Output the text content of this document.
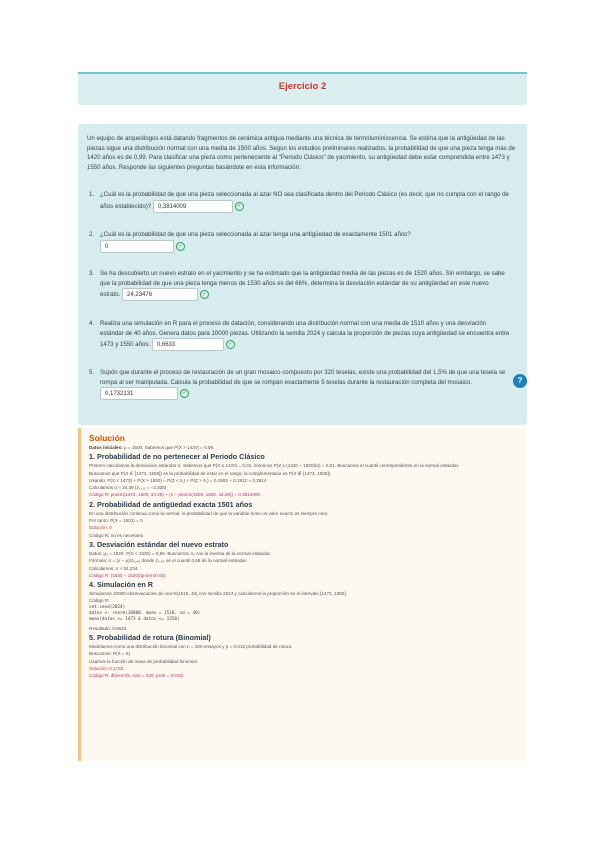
Ejercicio 2
Un equipo de arqueólogos está datando fragmentos de cerámica antigua mediante una técnica de termoluminiscencia. Se estima que la antigüedad de las piezas sigue una distribución normal con una media de 1500 años. Según los estudios preliminares realizados, la probabilidad de que una pieza tenga más de 1420 años es de 0,99. Para clasificar una pieza como perteneciente al "Periodo Clásico" de yacimiento, su antigüedad debe estar comprendida entre 1473 y 1550 años. Responde las siguientes preguntas basándote en esta información:
1. ¿Cuál es la probabilidad de que una pieza seleccionada al azar NO sea clasificada dentro del Periodo Clásico (es decir, que no cumpla con el rango de años establecido)? 0,3814009	✓
2. ¿Cuál es la probabilidad de que una pieza seleccionada al azar tenga una antigüedad de exactamente 1501 años?
0	✓
3. Se ha descubierto un nuevo estrato en el yacimiento y se ha estimado que la antigüedad media de las piezas es de 1520 años. Sin embargo, se sabe que la probabilidad de que una pieza tenga menos de 1530 años es del 66%, determina la desviación estándar de su antigüedad en este nuevo estrato. 24,23476	✓
4. Realiza una simulación en R para el proceso de datación, considerando una distribución normal con una media de 1510 años y una desviación estándar de 40 años. Genera datos para 10000 piezas. Utilizando la semilla 2024 y calcula la proporción de piezas cuya antigüedad se encuentra entre 1473 y 1550 años. 0,6633	✓
5. Supón que durante el proceso de restauración de un gran mosaico compuesto por 320 teselas, existe una probabilidad del 1,5% de que una tesela se rompa al ser manipulada. Calcula la probabilidad de que se rompan exactamente 5 teselas durante la restauración completa del mosaico. 0,1732131	✓
?
Solución
Datos iniciales: μ = 1500, Sabemos que P(X > 1420) = 0,99.
1. Probabilidad de no pertenecer al Periodo Clásico
Primero calculamos la desviación estándar σ. Sabemos que P(X ≤ 1420) = 0,01, entonces P(Z ≤ (1420 − 1500)/σ) = 0,01. Buscamos el cuantil correspondiente en la normal estándar.
Buscamos que P(X ∈ [1473, 1550]) es la probabilidad de estar en el rango; la complementaria es P(X ∉ [1473, 1550]).
Usando: P(X < 1473) + P(X > 1550) = P(Z < z₁) + P(Z > z₂) = 0,1902 + 0,1912 = 0,3814
Calculamos σ ≈ 34,39 (z₀,₀₁ = −2,326)
Código R: pnorm(1473, 1500, 34.39) + (1 − pnorm(1550, 1500, 34.39)) = 0.3814009
2. Probabilidad de antigüedad exacta 1501 años
En una distribución continua como la normal, la probabilidad de que la variable tome un valor exacto es siempre cero.
Por tanto: P(X = 1501) = 0
Solución: 0
Código R: no es necesario
3. Desviación estándar del nuevo estrato
Datos: μ₂ = 1520, P(X < 1530) = 0,66. Buscamos σ₂ con la inversa de la normal estándar.
Fórmula: σ = (x − μ)/z₀,₆₆ donde z₀,₆₆ es el cuantil 0,66 de la normal estándar.
Calculamos: σ ≈ 24,234
Código R: (1530 − 1520)/qnorm(0.66)
4. Simulación en R
Simulamos 10000 observaciones de una N(1510, 40) con semilla 2024 y calculamos la proporción en el intervalo [1473, 1550].
Código R:
set.seed(2024)
datos <- rnorm(10000, mean = 1510, sd = 40)
mean(datos >= 1473 & datos <= 1550)
Resultado: 0,6633
5. Probabilidad de rotura (Binomial)
Modelamos como una distribución binomial con n = 320 ensayos y p = 0,015 probabilidad de rotura.
Buscamos: P(X = 5)
Usamos la función de masa de probabilidad binomial.
Solución: 0,1732
Código R: dbinom(5, size = 320, prob = 0.015)
